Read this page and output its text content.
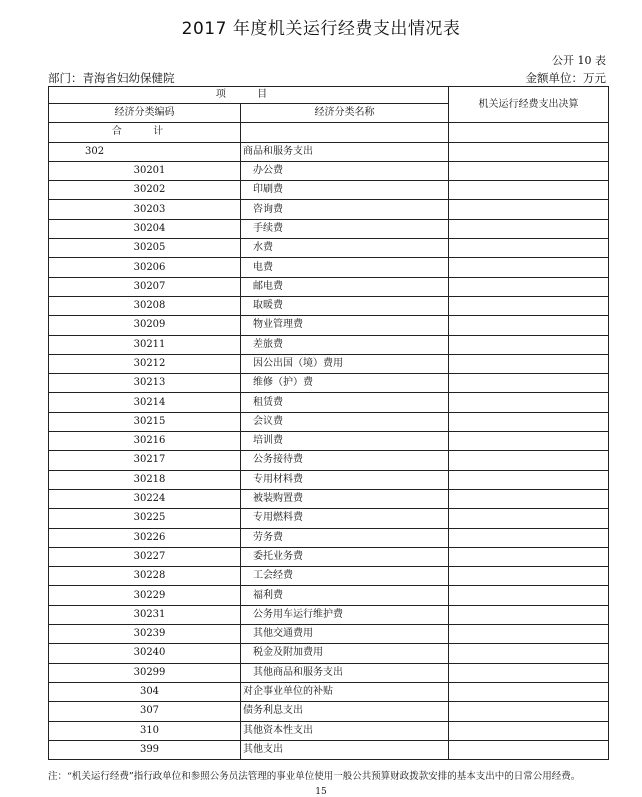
2017 年度机关运行经费支出情况表
公开 10 表
部门：青海省妇幼保健院	金额单位：万元
项 目		机关运行经费支出决算
经济分类编码	经济分类名称	
合 计		
302	商品和服务支出	
30201	办公费	
30202	印刷费	
30203	咨询费	
30204	手续费	
30205	水费	
30206	电费	
30207	邮电费	
30208	取暖费	
30209	物业管理费	
30211	差旅费	
30212	因公出国（境）费用	
30213	维修（护）费	
30214	租赁费	
30215	会议费	
30216	培训费	
30217	公务接待费	
30218	专用材料费	
30224	被装购置费	
30225	专用燃料费	
30226	劳务费	
30227	委托业务费	
30228	工会经费	
30229	福利费	
30231	公务用车运行维护费	
30239	其他交通费用	
30240	税金及附加费用	
30299	其他商品和服务支出	
304	对企事业单位的补贴	
307	债务利息支出	
310	其他资本性支出	
399	其他支出	
注：“机关运行经费”指行政单位和参照公务员法管理的事业单位使用一般公共预算财政拨款安排的基本支出中的日常公用经费。
15
